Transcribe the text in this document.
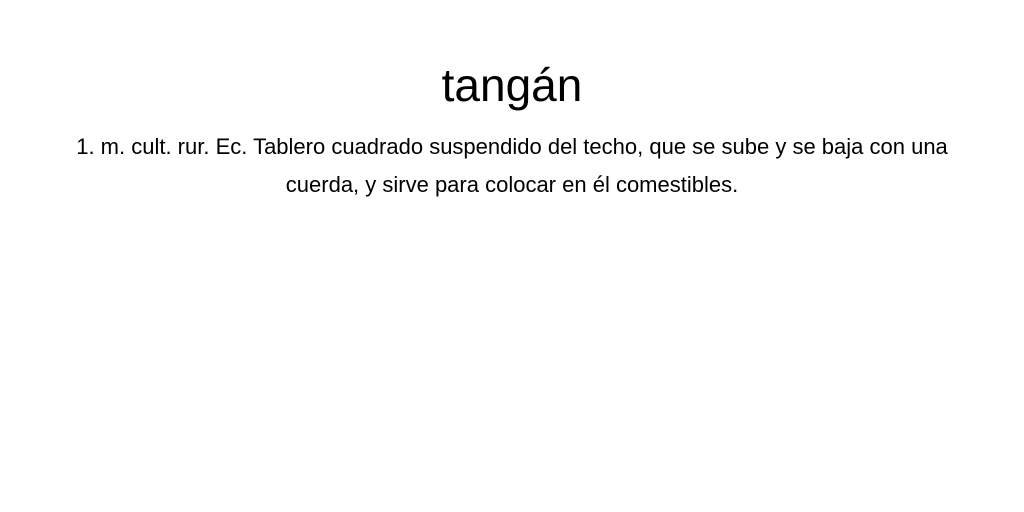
tangán

1. m. cult. rur. Ec. Tablero cuadrado suspendido del techo, que se sube y se baja con una cuerda, y sirve para colocar en él comestibles.
